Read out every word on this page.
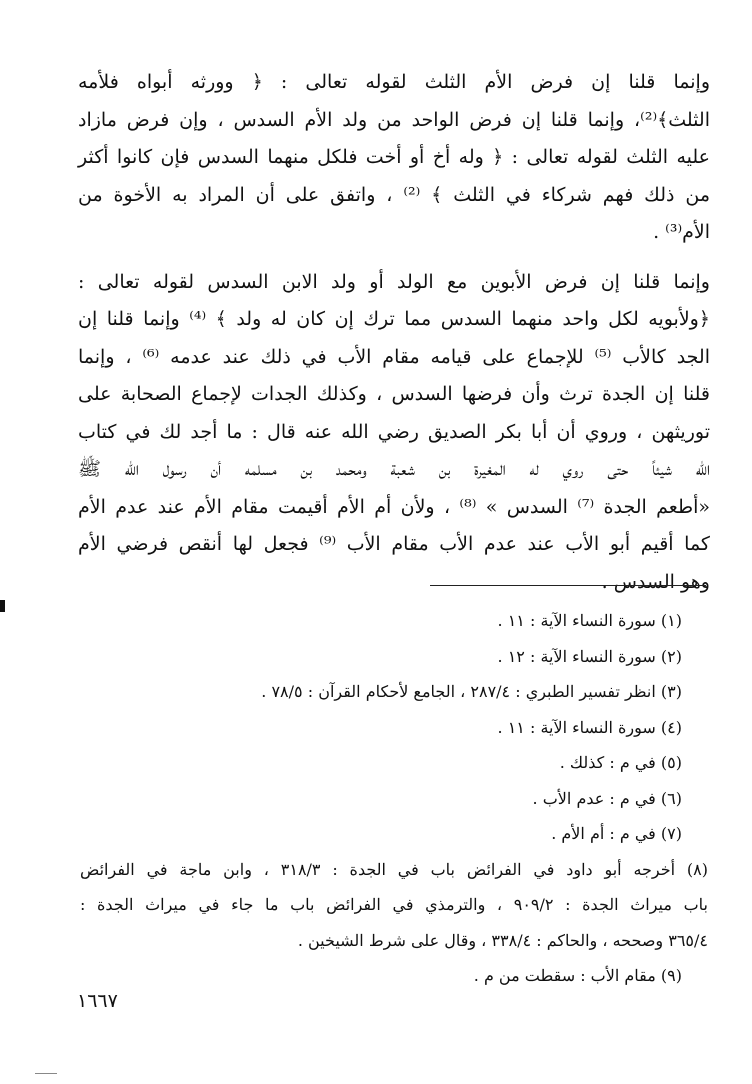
وإنما قلنا إن فرض الأم الثلث لقوله تعالى : ﴿ وورثه أبواه فلأمه
الثلث﴾⁽²⁾، وإنما قلنا إن فرض الواحد من ولد الأم السدس ، وإن فرض مازاد
عليه الثلث لقوله تعالى : ﴿ وله أخ أو أخت فلكل منهما السدس فإن كانوا أكثر
من ذلك فهم شركاء في الثلث ﴾ ⁽²⁾ ، واتفق على أن المراد به الأخوة من
الأم⁽³⁾ .

وإنما قلنا إن فرض الأبوين مع الولد أو ولد الابن السدس لقوله تعالى :
﴿ولأبويه لكل واحد منهما السدس مما ترك إن كان له ولد ﴾ ⁽⁴⁾ وإنما قلنا إن
الجد كالأب ⁽⁵⁾ للإجماع على قيامه مقام الأب في ذلك عند عدمه ⁽⁶⁾ ، وإنما
قلنا إن الجدة ترث وأن فرضها السدس ، وكذلك الجدات لإجماع الصحابة على
توريثهن ، وروي أن أبا بكر الصديق رضي الله عنه قال : ما أجد لك في كتاب
الله شيئاً حتى روي له المغيرة بن شعبة ومحمد بن مسلمه أن رسول الله ﷺ
«أطعم الجدة ⁽⁷⁾ السدس » ⁽⁸⁾ ، ولأن أم الأم أقيمت مقام الأم عند عدم الأم
كما أقيم أبو الأب عند عدم الأب مقام الأب ⁽⁹⁾ فجعل لها أنقص فرضي الأم
وهو السدس .

(١) سورة النساء الآية : ١١ .
(٢) سورة النساء الآية : ١٢ .
(٣) انظر تفسير الطبري : ٢٨٧/٤ ، الجامع لأحكام القرآن : ٧٨/٥ .
(٤) سورة النساء الآية : ١١ .
(٥) في م : كذلك .
(٦) في م : عدم الأب .
(٧) في م : أم الأم .
(٨) أخرجه أبو داود في الفرائض باب في الجدة : ٣١٨/٣ ، وابن ماجة في الفرائض
باب ميراث الجدة : ٩٠٩/٢ ، والترمذي في الفرائض باب ما جاء في ميراث الجدة :
٣٦٥/٤ وصححه ، والحاكم : ٣٣٨/٤ ، وقال على شرط الشيخين .
(٩) مقام الأب : سقطت من م .
١٦٦٧
